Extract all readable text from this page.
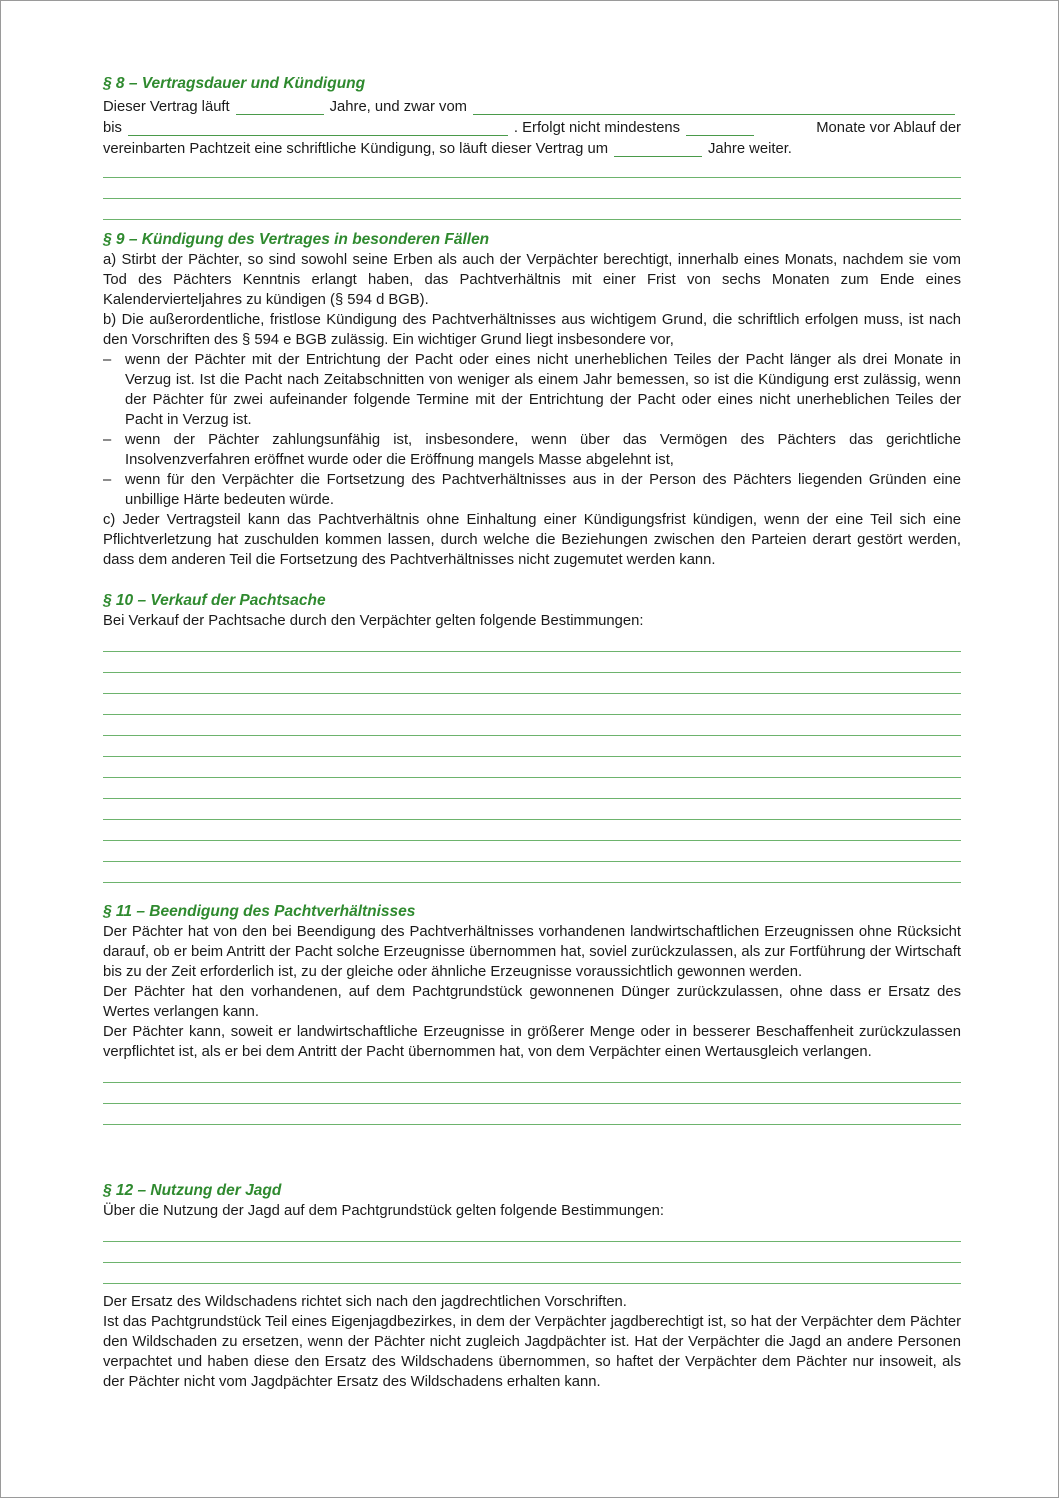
§ 8 – Vertragsdauer und Kündigung
Dieser Vertrag läuft	Jahre, und zwar vom
bis	. Erfolgt nicht mindestens	Monate vor Ablauf der
vereinbarten Pachtzeit eine schriftliche Kündigung, so läuft dieser Vertrag um	Jahre weiter.
§ 9 – Kündigung des Vertrages in besonderen Fällen
a) Stirbt der Pächter, so sind sowohl seine Erben als auch der Verpächter berechtigt, innerhalb eines Monats, nachdem sie vom Tod des Pächters Kenntnis erlangt haben, das Pachtverhältnis mit einer Frist von sechs Monaten zum Ende eines Kalendervierteljahres zu kündigen (§ 594 d BGB).
b) Die außerordentliche, fristlose Kündigung des Pachtverhältnisses aus wichtigem Grund, die schriftlich erfolgen muss, ist nach den Vorschriften des § 594 e BGB zulässig. Ein wichtiger Grund liegt insbesondere vor,
– wenn der Pächter mit der Entrichtung der Pacht oder eines nicht unerheblichen Teiles der Pacht länger als drei Monate in Verzug ist. Ist die Pacht nach Zeitabschnitten von weniger als einem Jahr bemessen, so ist die Kündigung erst zulässig, wenn der Pächter für zwei aufeinander folgende Termine mit der Entrichtung der Pacht oder eines nicht unerheblichen Teiles der Pacht in Verzug ist.
– wenn der Pächter zahlungsunfähig ist, insbesondere, wenn über das Vermögen des Pächters das gerichtliche Insolvenzverfahren eröffnet wurde oder die Eröffnung mangels Masse abgelehnt ist,
– wenn für den Verpächter die Fortsetzung des Pachtverhältnisses aus in der Person des Pächters liegenden Gründen eine unbillige Härte bedeuten würde.
c) Jeder Vertragsteil kann das Pachtverhältnis ohne Einhaltung einer Kündigungsfrist kündigen, wenn der eine Teil sich eine Pflichtverletzung hat zuschulden kommen lassen, durch welche die Beziehungen zwischen den Parteien derart gestört werden, dass dem anderen Teil die Fortsetzung des Pachtverhältnisses nicht zugemutet werden kann.
§ 10 – Verkauf der Pachtsache
Bei Verkauf der Pachtsache durch den Verpächter gelten folgende Bestimmungen:
§ 11 – Beendigung des Pachtverhältnisses
Der Pächter hat von den bei Beendigung des Pachtverhältnisses vorhandenen landwirtschaftlichen Erzeugnissen ohne Rücksicht darauf, ob er beim Antritt der Pacht solche Erzeugnisse übernommen hat, soviel zurückzulassen, als zur Fortführung der Wirtschaft bis zu der Zeit erforderlich ist, zu der gleiche oder ähnliche Erzeugnisse voraussichtlich gewonnen werden.
Der Pächter hat den vorhandenen, auf dem Pachtgrundstück gewonnenen Dünger zurückzulassen, ohne dass er Ersatz des Wertes verlangen kann.
Der Pächter kann, soweit er landwirtschaftliche Erzeugnisse in größerer Menge oder in besserer Beschaffenheit zurückzulassen verpflichtet ist, als er bei dem Antritt der Pacht übernommen hat, von dem Verpächter einen Wertausgleich verlangen.
§ 12 – Nutzung der Jagd
Über die Nutzung der Jagd auf dem Pachtgrundstück gelten folgende Bestimmungen:
Der Ersatz des Wildschadens richtet sich nach den jagdrechtlichen Vorschriften.
Ist das Pachtgrundstück Teil eines Eigenjagdbezirkes, in dem der Verpächter jagdberechtigt ist, so hat der Verpächter dem Pächter den Wildschaden zu ersetzen, wenn der Pächter nicht zugleich Jagdpächter ist. Hat der Verpächter die Jagd an andere Personen verpachtet und haben diese den Ersatz des Wildschadens übernommen, so haftet der Verpächter dem Pächter nur insoweit, als der Pächter nicht vom Jagdpächter Ersatz des Wildschadens erhalten kann.
